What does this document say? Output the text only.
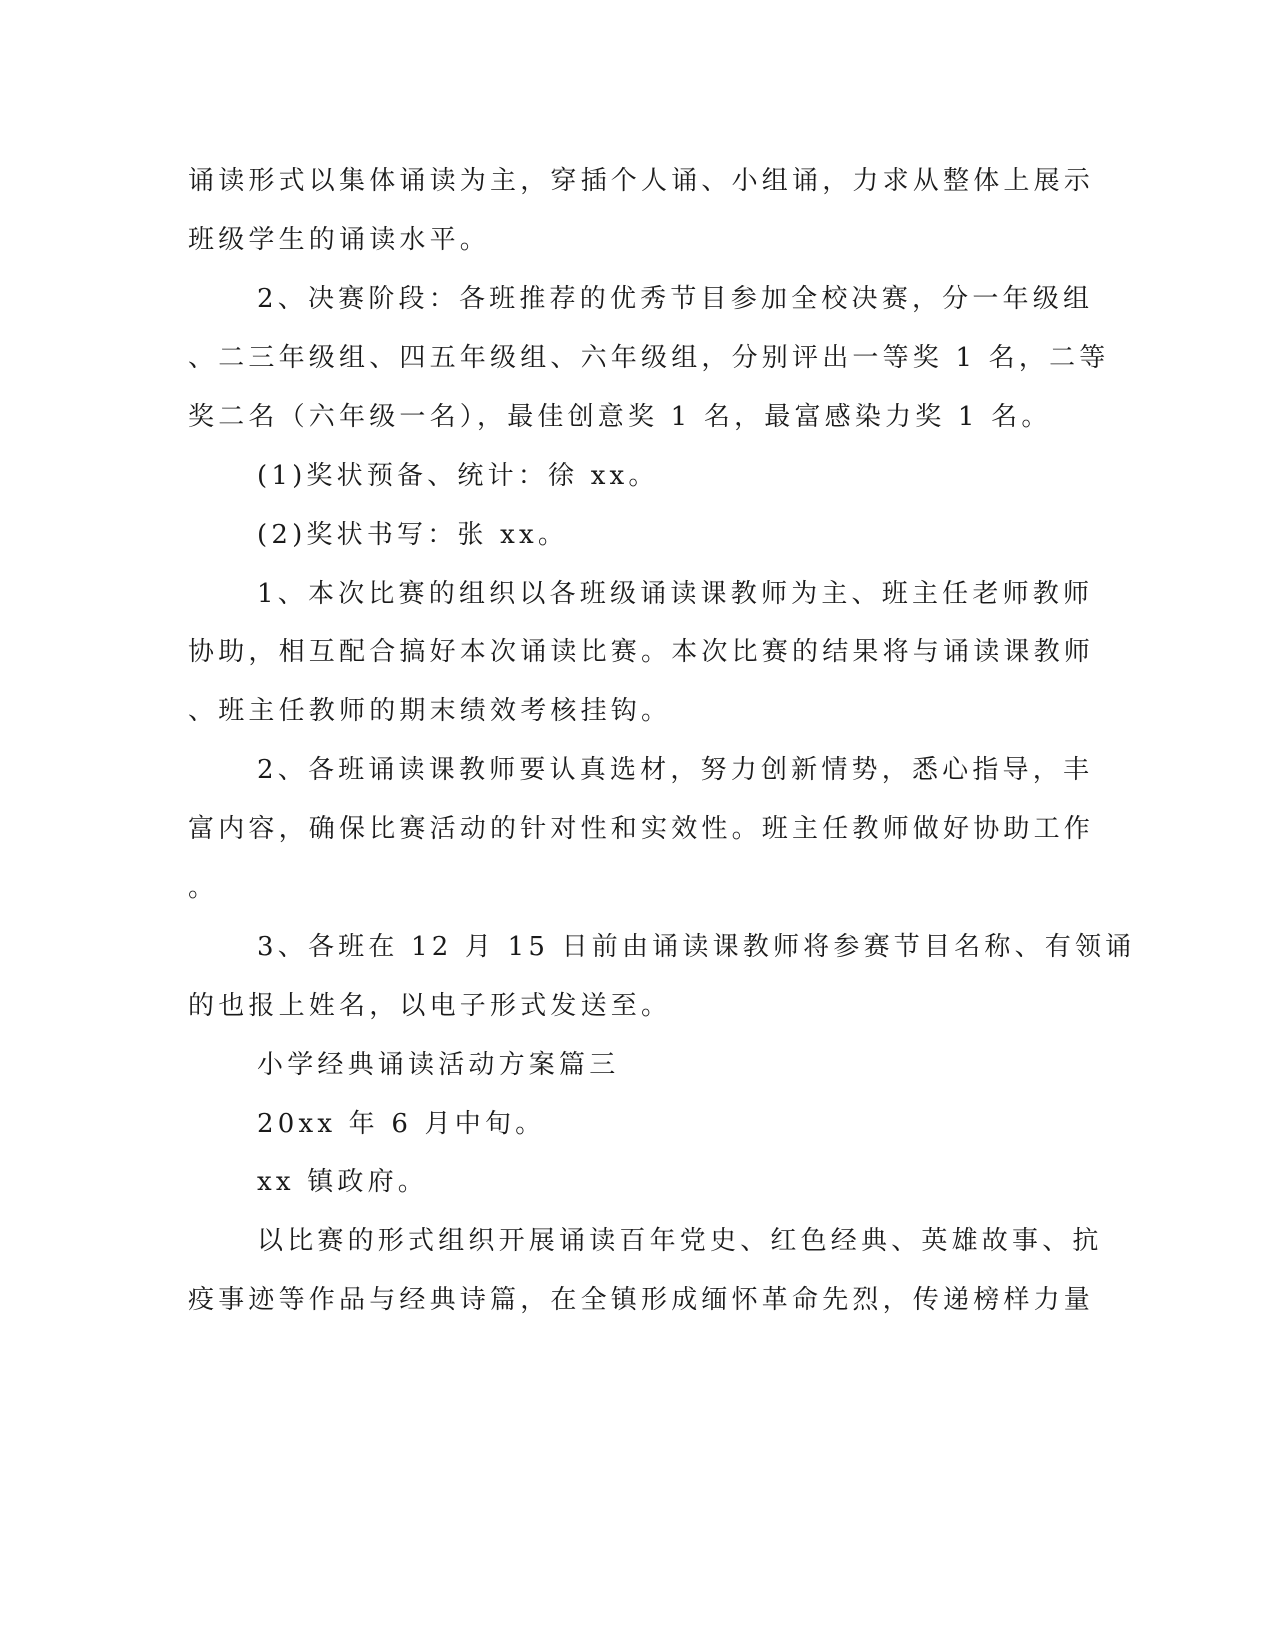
诵读形式以集体诵读为主，穿插个人诵、小组诵，力求从整体上展示
班级学生的诵读水平。
2、决赛阶段：各班推荐的优秀节目参加全校决赛，分一年级组
、二三年级组、四五年级组、六年级组，分别评出一等奖 1 名，二等
奖二名（六年级一名），最佳创意奖 1 名，最富感染力奖 1 名。
(1)奖状预备、统计：徐 xx。
(2)奖状书写：张 xx。
1、本次比赛的组织以各班级诵读课教师为主、班主任老师教师
协助，相互配合搞好本次诵读比赛。本次比赛的结果将与诵读课教师
、班主任教师的期末绩效考核挂钩。
2、各班诵读课教师要认真选材，努力创新情势，悉心指导，丰
富内容，确保比赛活动的针对性和实效性。班主任教师做好协助工作
。
3、各班在 12 月 15 日前由诵读课教师将参赛节目名称、有领诵
的也报上姓名，以电子形式发送至。
小学经典诵读活动方案篇三
20xx 年 6 月中旬。
xx 镇政府。
以比赛的形式组织开展诵读百年党史、红色经典、英雄故事、抗
疫事迹等作品与经典诗篇，在全镇形成缅怀革命先烈，传递榜样力量
